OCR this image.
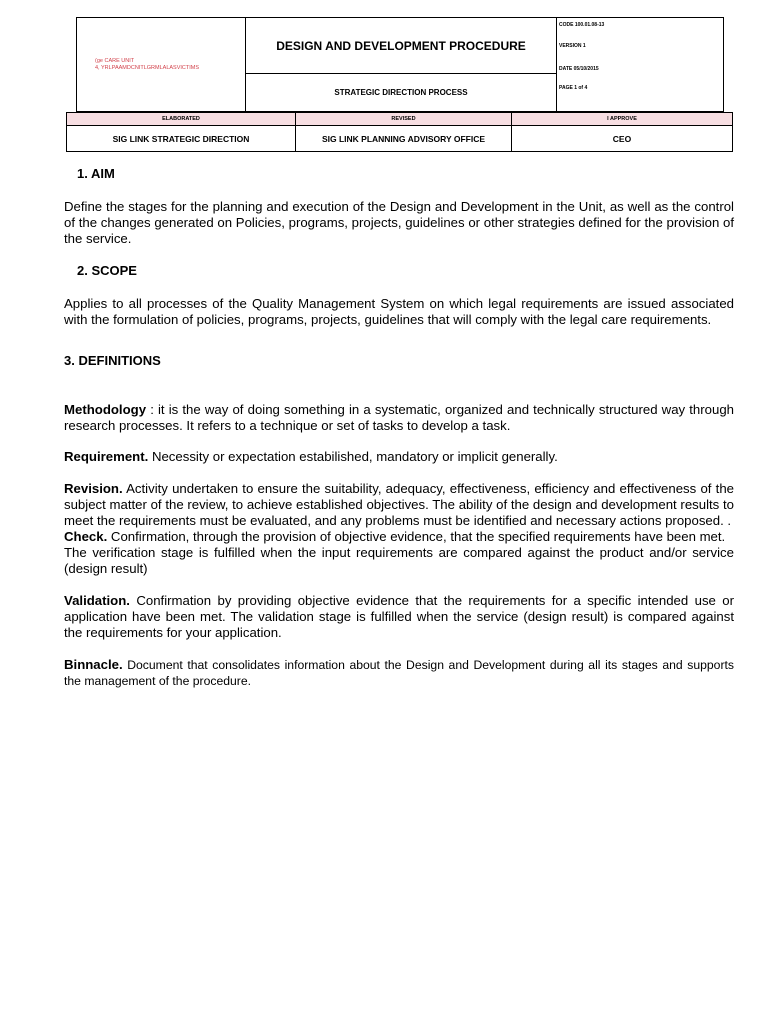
(ge CARE UNIT
4, YRLPAAMDCNITLGRMLALASVICTIMS
DESIGN AND DEVELOPMENT PROCEDURE
STRATEGIC DIRECTION PROCESS
CODE 100.01.08-13
VERSION 1
DATE 05/10/2015
PAGE 1 of 4
ELABORATED
SIG LINK STRATEGIC DIRECTION
REVISED
SIG LINK PLANNING ADVISORY OFFICE
I APPROVE
CEO
1. AIM

Define the stages for the planning and execution of the Design and Development in the Unit, as well as the control of the changes generated on Policies, programs, projects, guidelines or other strategies defined for the provision of the service.

2. SCOPE

Applies to all processes of the Quality Management System on which legal requirements are issued associated with the formulation of policies, programs, projects, guidelines that will comply with the legal care requirements.

3. DEFINITIONS

Methodology : it is the way of doing something in a systematic, organized and technically structured way through research processes. It refers to a technique or set of tasks to develop a task.

Requirement. Necessity or expectation estabilished, mandatory or implicit generally.

Revision. Activity undertaken to ensure the suitability, adequacy, effectiveness, efficiency and effectiveness of the subject matter of the review, to achieve established objectives. The ability of the design and development results to meet the requirements must be evaluated, and any problems must be identified and necessary actions proposed. .

Check. Confirmation, through the provision of objective evidence, that the specified requirements have been met.

The verification stage is fulfilled when the input requirements are compared against the product and/or service (design result)

Validation. Confirmation by providing objective evidence that the requirements for a specific intended use or application have been met. The validation stage is fulfilled when the service (design result) is compared against the requirements for your application.

Binnacle. Document that consolidates information about the Design and Development during all its stages and supports the management of the procedure.
